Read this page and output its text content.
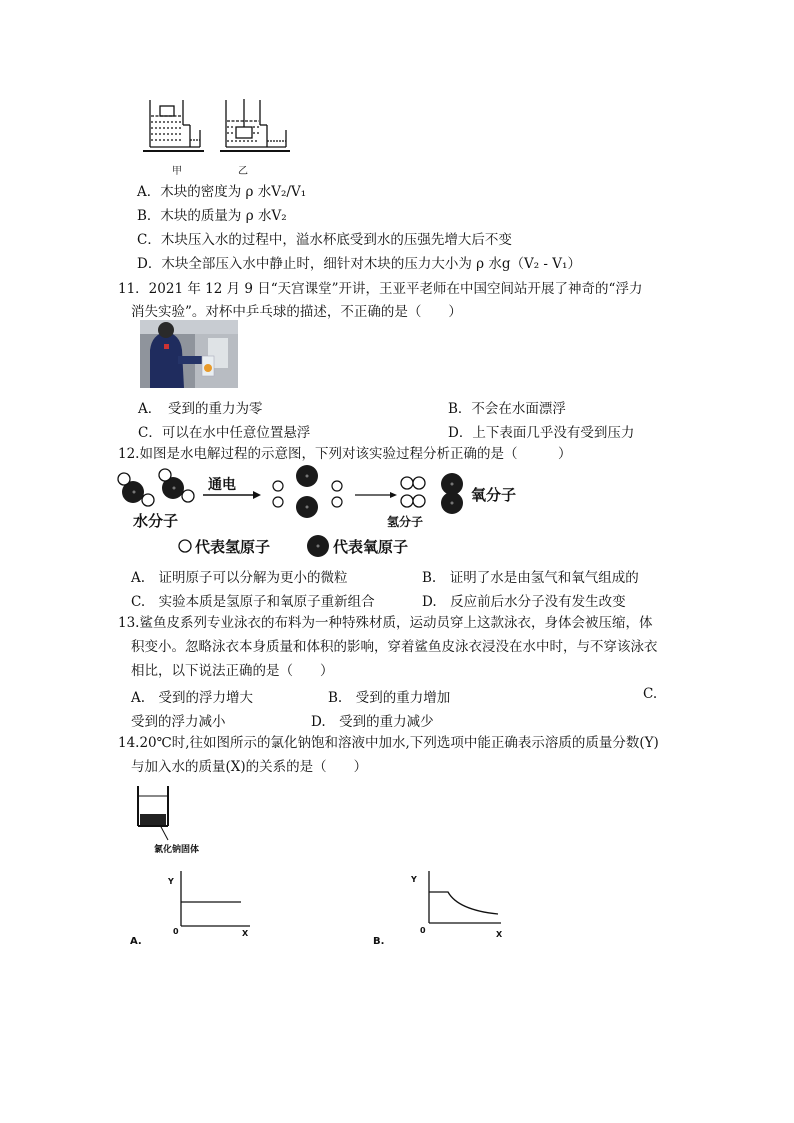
甲	乙
A．木块的密度为 ρ 水V₂/V₁
B．木块的质量为 ρ 水V₂
C．木块压入水的过程中，溢水杯底受到水的压强先增大后不变
D．木块全部压入水中静止时，细针对木块的压力大小为 ρ 水g（V₂ - V₁）
11．2021 年 12 月 9 日“天宫课堂”开讲，王亚平老师在中国空间站开展了神奇的“浮力
消失实验”。对杯中乒乓球的描述，不正确的是（　　）
A．　受到的重力为零	B．不会在水面漂浮
C．可以在水中任意位置悬浮	D．上下表面几乎没有受到压力
12.如图是水电解过程的示意图，下列对该实验过程分析正确的是（　　　）
水分子
通电
氢分子
氧分子
代表氢原子	代表氧原子
A.　证明原子可以分解为更小的微粒	B.　证明了水是由氢气和氧气组成的
C.　实验本质是氢原子和氧原子重新组合	D.　反应前后水分子没有发生改变
13.鲨鱼皮系列专业泳衣的布料为一种特殊材质，运动员穿上这款泳衣，身体会被压缩，体
积变小。忽略泳衣本身质量和体积的影响，穿着鲨鱼皮泳衣浸没在水中时，与不穿该泳衣
相比，以下说法正确的是（　　）
A.　受到的浮力增大	B.　受到的重力增加	C.
受到的浮力减小	D.　受到的重力减少
14.20℃时,往如图所示的氯化钠饱和溶液中加水,下列选项中能正确表示溶质的质量分数(Y)
与加入水的质量(X)的关系的是（　　）
氯化钠固体
A.
Y
0	X
B.
Y
0	X
